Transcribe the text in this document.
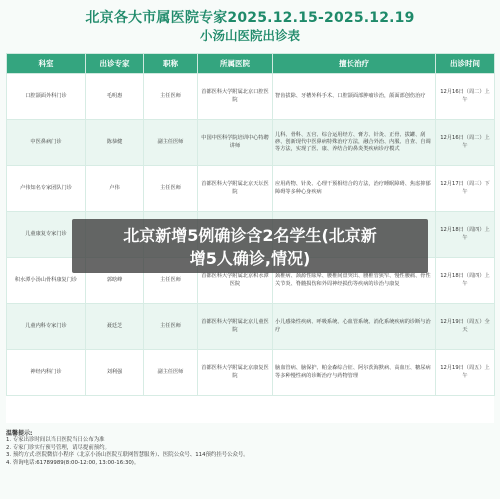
北京各大市属医院专家2025.12.15-2025.12.19
小汤山医院出诊表
科室	出诊专家	职称	所属医院	擅长治疗	出诊时间
口腔颌面外科门诊	毛明惠	主任医师	首都医科大学附属北京口腔医院	智齿拔除、牙槽外科手术、口腔颌面部肿瘤诊治，颌面部创伤治疗	12月16日（周二）上午
中医鼻病门诊	陈恭健	副主任医师	中国中医科学院培训中心特聘讲师	儿科、骨科、五官、综合运用经方、膏方、针灸、正骨、拔罐、刮痧、创新现代中医鼻病特殊治疗方法，融合外治、内服、自查、自调等方法，实现了医、康、养结合的鼻炎类疾病诊疗模式	12月16日（周二）上午
卢伟知名专家团队门诊	卢伟	主任医师	首都医科大学附属北京天坛医院	应用药物、针灸、心理干预相结合的方法，治疗睡眠障碍、焦虑抑郁障碍等多种心身疾病	12月17日（周三）下午
儿童康复专家门诊					12月18日（周四）上午
积水潭小汤山骨科康复门诊	郭晗峰	主任医师	首都医科大学附属北京积水潭医院	颈椎病、颈源性眩晕、腰椎间盘突出、腰椎管狭窄、慢性腰痛、骨性关节炎、脊髓损伤和外周神经损伤等疾病的诊治与康复	12月18日（周四）上午
儿童内科专家门诊	聂廷芝	主任医师	首都医科大学附属北京儿童医院	小儿感染性疾病、呼吸系统、心血管系统、消化系统疾病的诊断与治疗	12月19日（周五）全天
神经内科门诊	刘利强	副主任医师	首都医科大学附属北京康复医院	脑血管病、脑保护、帕金森综合征、阿尔茨海默病、高血压、糖尿病等多种慢性病的诊断治疗与药物管理	12月19日（周五）上午
温馨提示:
1. 专家出诊时间以当日医院当日公布为准
2. 专家门诊实行预号管理，请尽提前预约。
3. 预约方式:医院微信小程序（北京小汤山医院互联网智慧服务）、医院公众号、114预约挂号公众号。
4. 咨询电话:61789989(8:00-12:00, 13:00-16:30)。
北京新增5例确诊含2名学生(北京新
增5人确诊,情况)
